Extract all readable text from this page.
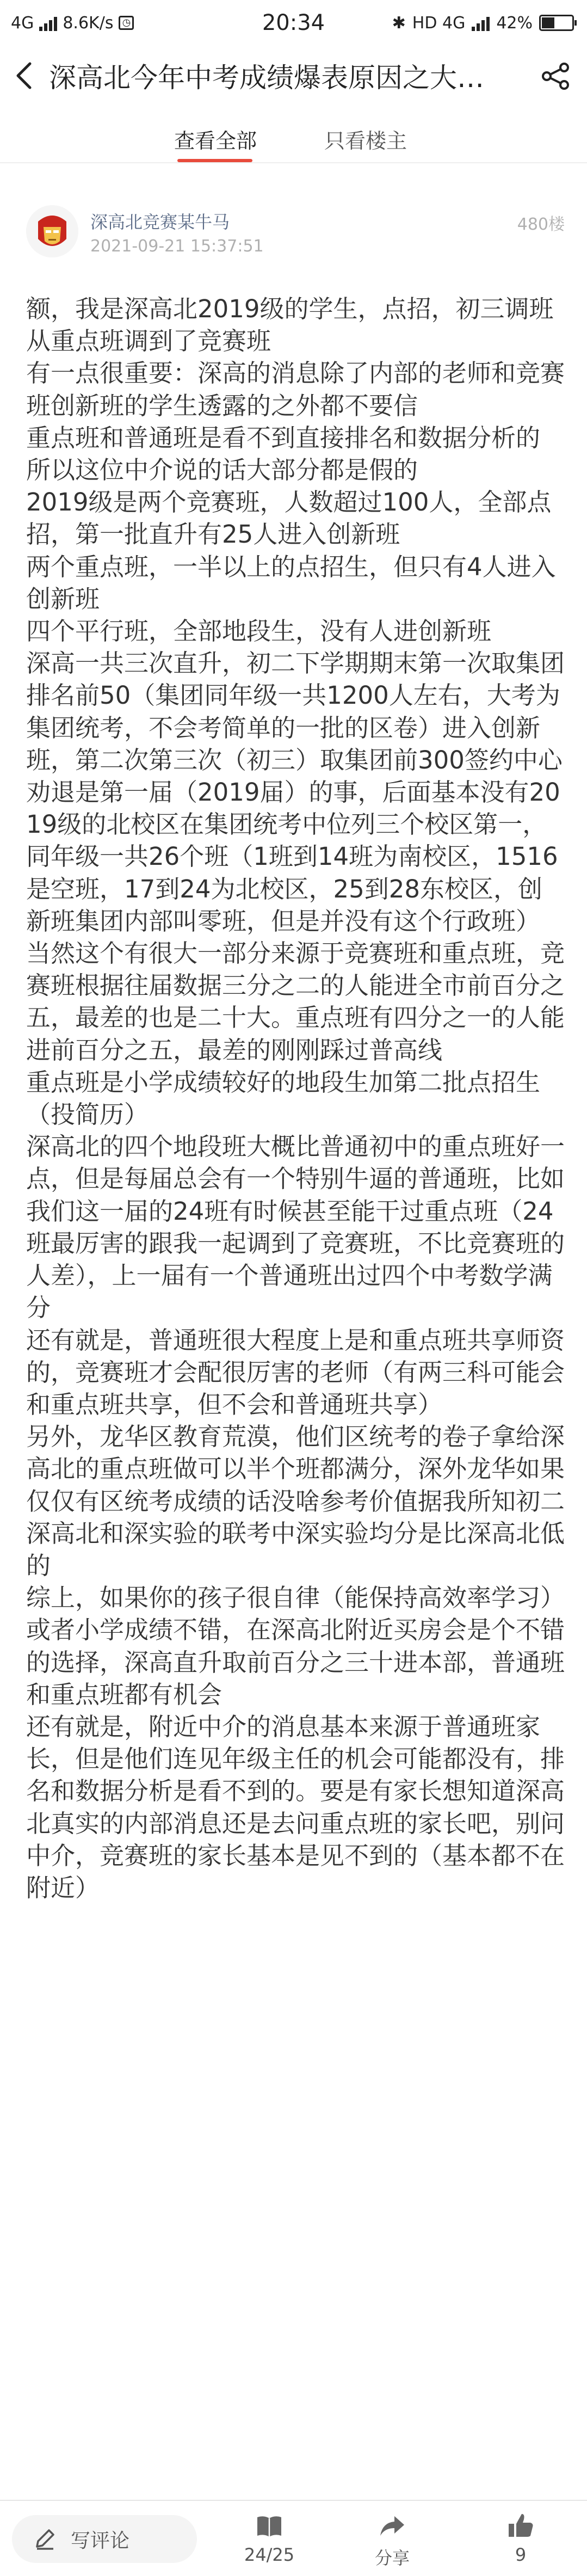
4G 8.6K/s ◷	20:34	✱ HD 4G 42%
深高北今年中考成绩爆表原因之大…
查看全部	只看楼主
深高北竞赛某牛马
2021-09-21 15:37:51
480楼

额，我是深高北2019级的学生，点招，初三调班从重点班调到了竞赛班

有一点很重要：深高的消息除了内部的老师和竞赛班创新班的学生透露的之外都不要信

重点班和普通班是看不到直接排名和数据分析的

所以这位中介说的话大部分都是假的

2019级是两个竞赛班，人数超过100人，全部点招，第一批直升有25人进入创新班

两个重点班，一半以上的点招生，但只有4人进入创新班

四个平行班，全部地段生，没有人进创新班

深高一共三次直升，初二下学期期末第一次取集团排名前50（集团同年级一共1200人左右，大考为集团统考，不会考简单的一批的区卷）进入创新班，第二次第三次（初三）取集团前300签约中心

劝退是第一届（2019届）的事，后面基本没有2019级的北校区在集团统考中位列三个校区第一，同年级一共26个班（1班到14班为南校区，1516是空班，17到24为北校区，25到28东校区，创新班集团内部叫零班，但是并没有这个行政班）

当然这个有很大一部分来源于竞赛班和重点班，竞赛班根据往届数据三分之二的人能进全市前百分之五，最差的也是二十大。重点班有四分之一的人能进前百分之五，最差的刚刚踩过普高线

重点班是小学成绩较好的地段生加第二批点招生（投简历）

深高北的四个地段班大概比普通初中的重点班好一点，但是每届总会有一个特别牛逼的普通班，比如我们这一届的24班有时候甚至能干过重点班（24班最厉害的跟我一起调到了竞赛班，不比竞赛班的人差），上一届有一个普通班出过四个中考数学满分

还有就是，普通班很大程度上是和重点班共享师资的，竞赛班才会配很厉害的老师（有两三科可能会和重点班共享，但不会和普通班共享）

另外，龙华区教育荒漠，他们区统考的卷子拿给深高北的重点班做可以半个班都满分，深外龙华如果仅仅有区统考成绩的话没啥参考价值据我所知初二深高北和深实验的联考中深实验均分是比深高北低的

综上，如果你的孩子很自律（能保持高效率学习）或者小学成绩不错，在深高北附近买房会是个不错的选择，深高直升取前百分之三十进本部，普通班和重点班都有机会

还有就是，附近中介的消息基本来源于普通班家长，但是他们连见年级主任的机会可能都没有，排名和数据分析是看不到的。要是有家长想知道深高北真实的内部消息还是去问重点班的家长吧，别问中介，竞赛班的家长基本是见不到的（基本都不在附近）

写评论
24/25	分享	9
